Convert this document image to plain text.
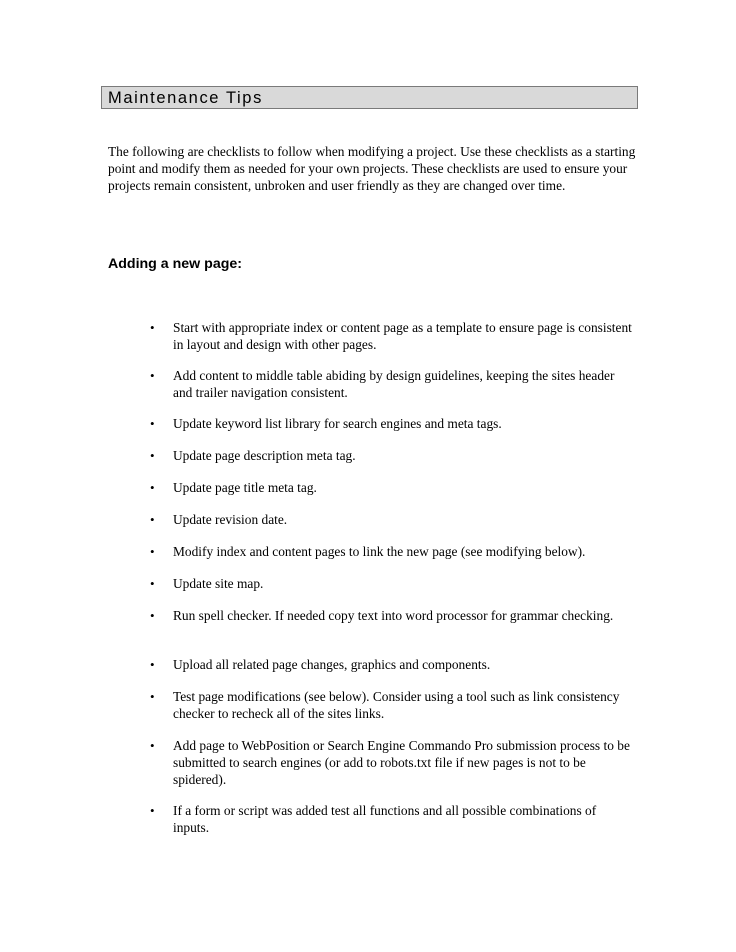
Maintenance Tips

The following are checklists to follow when modifying a project. Use these checklists as a starting point and modify them as needed for your own projects. These checklists are used to ensure your projects remain consistent, unbroken and user friendly as they are changed over time.

Adding a new page:
•	Start with appropriate index or content page as a template to ensure page is consistent in layout and design with other pages.
•	Add content to middle table abiding by design guidelines, keeping the sites header and trailer navigation consistent.
•	Update keyword list library for search engines and meta tags.
•	Update page description meta tag.
•	Update page title meta tag.
•	Update revision date.
•	Modify index and content pages to link the new page (see modifying below).
•	Update site map.
•	Run spell checker. If needed copy text into word processor for grammar checking.
•	Upload all related page changes, graphics and components.
•	Test page modifications (see below). Consider using a tool such as link consistency checker to recheck all of the sites links.
•	Add page to WebPosition or Search Engine Commando Pro submission process to be submitted to search engines (or add to robots.txt file if new pages is not to be spidered).
•	If a form or script was added test all functions and all possible combinations of inputs.
